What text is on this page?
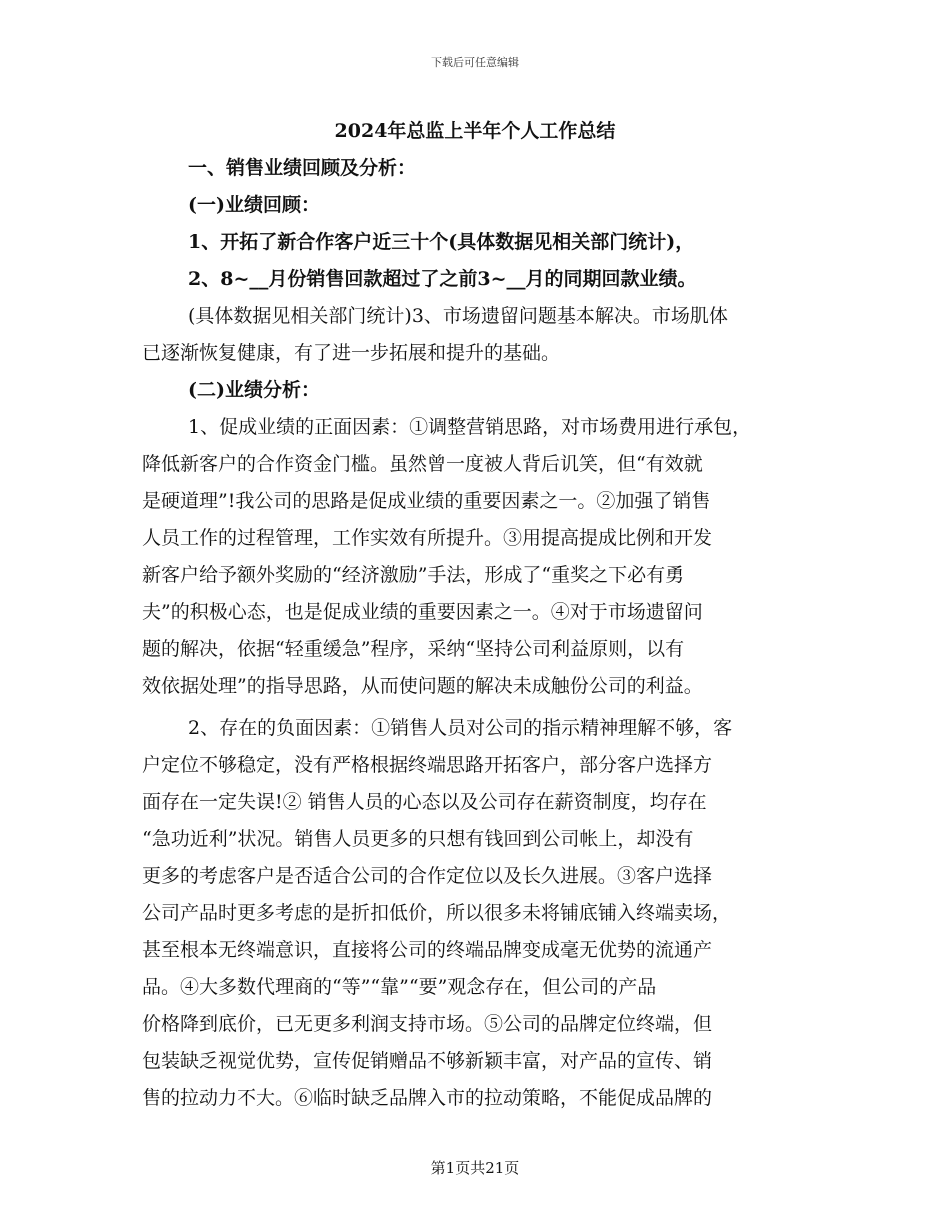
下载后可任意编辑
2024年总监上半年个人工作总结
一、销售业绩回顾及分析：
(一)业绩回顾：
1、开拓了新合作客户近三十个(具体数据见相关部门统计)，
2、8~__月份销售回款超过了之前3~__月的同期回款业绩。
(具体数据见相关部门统计)3、市场遗留问题基本解决。市场肌体
已逐渐恢复健康，有了进一步拓展和提升的基础。
(二)业绩分析：
1、促成业绩的正面因素：①调整营销思路，对市场费用进行承包，
降低新客户的合作资金门槛。虽然曾一度被人背后讥笑，但“有效就
是硬道理”!我公司的思路是促成业绩的重要因素之一。②加强了销售
人员工作的过程管理，工作实效有所提升。③用提高提成比例和开发
新客户给予额外奖励的“经济激励”手法，形成了“重奖之下必有勇
夫”的积极心态，也是促成业绩的重要因素之一。④对于市场遗留问
题的解决，依据“轻重缓急”程序，采纳“坚持公司利益原则，以有
效依据处理”的指导思路，从而使问题的解决未成触份公司的利益。
2、存在的负面因素：①销售人员对公司的指示精神理解不够，客
户定位不够稳定，没有严格根据终端思路开拓客户，部分客户选择方
面存在一定失误!② 销售人员的心态以及公司存在薪资制度，均存在
“急功近利”状况。销售人员更多的只想有钱回到公司帐上，却没有
更多的考虑客户是否适合公司的合作定位以及长久进展。③客户选择
公司产品时更多考虑的是折扣低价，所以很多未将铺底铺入终端卖场，
甚至根本无终端意识，直接将公司的终端品牌变成毫无优势的流通产
品。④大多数代理商的“等”“靠”“要”观念存在，但公司的产品
价格降到底价，已无更多利润支持市场。⑤公司的品牌定位终端，但
包装缺乏视觉优势，宣传促销赠品不够新颖丰富，对产品的宣传、销
售的拉动力不大。⑥临时缺乏品牌入市的拉动策略，不能促成品牌的
第1页共21页
